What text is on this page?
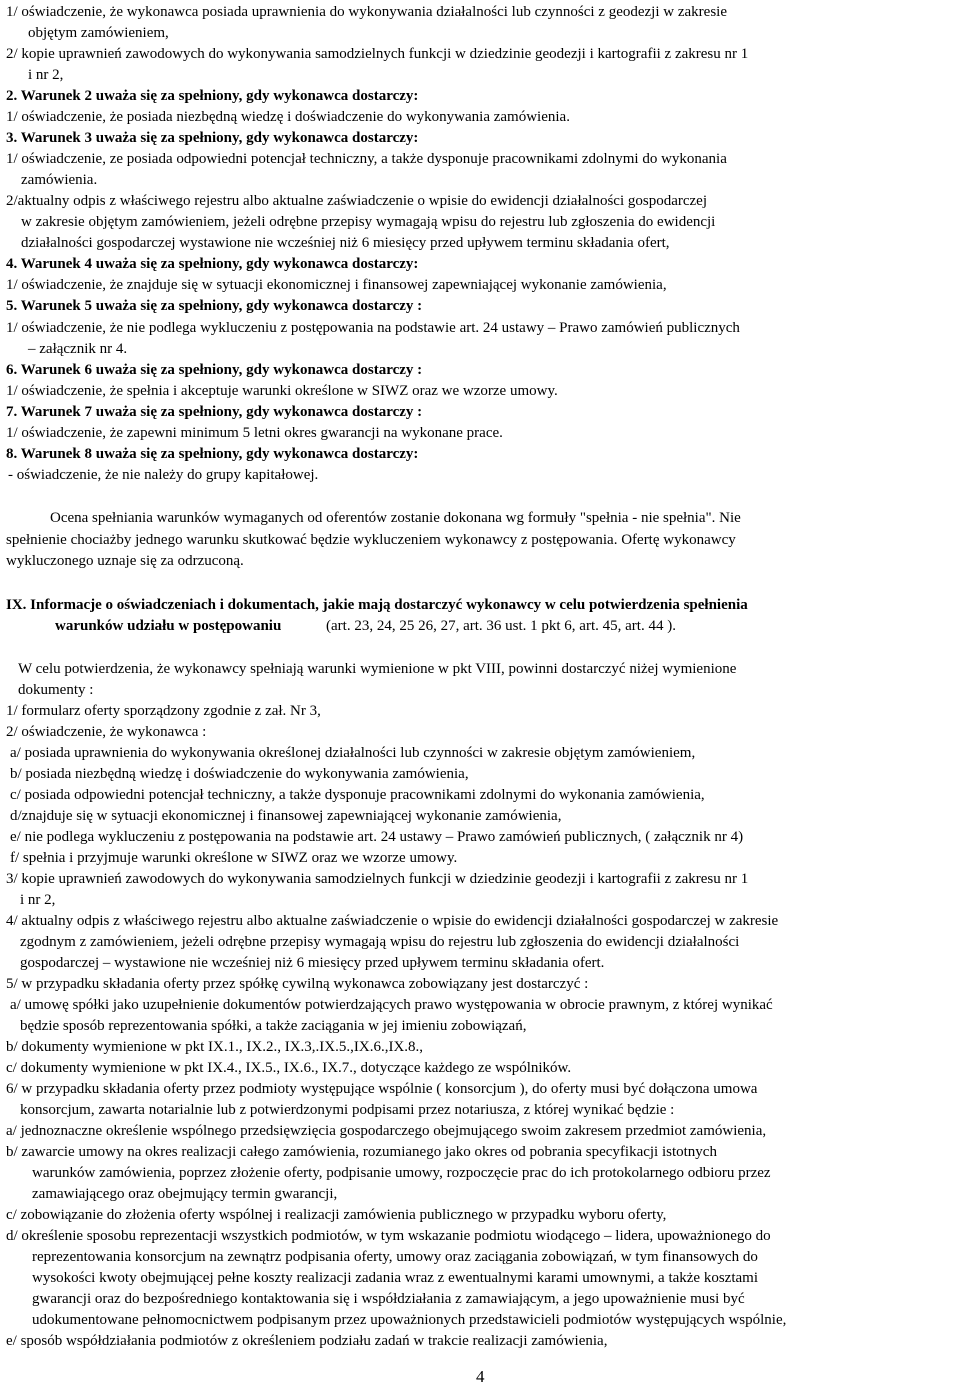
1/ oświadczenie, że wykonawca posiada uprawnienia do wykonywania działalności lub czynności z geodezji w zakresie
objętym zamówieniem,
2/ kopie uprawnień zawodowych do wykonywania samodzielnych funkcji w dziedzinie geodezji i kartografii z zakresu nr 1
i nr 2,
2. Warunek 2 uważa się za spełniony, gdy wykonawca dostarczy:
1/ oświadczenie, że posiada niezbędną wiedzę i doświadczenie do wykonywania zamówienia.
3. Warunek 3 uważa się za spełniony, gdy wykonawca dostarczy:
1/ oświadczenie, ze posiada odpowiedni potencjał techniczny, a także dysponuje pracownikami zdolnymi do wykonania
zamówienia.
2/aktualny odpis z właściwego rejestru albo aktualne zaświadczenie o wpisie do ewidencji działalności gospodarczej
w zakresie objętym zamówieniem, jeżeli odrębne przepisy wymagają wpisu do rejestru lub zgłoszenia do ewidencji
działalności gospodarczej wystawione nie wcześniej niż 6 miesięcy przed upływem terminu składania ofert,
4. Warunek 4 uważa się za spełniony, gdy wykonawca dostarczy:
1/ oświadczenie, że znajduje się w sytuacji ekonomicznej i finansowej zapewniającej wykonanie zamówienia,
5. Warunek 5 uważa się za spełniony, gdy wykonawca dostarczy :
1/ oświadczenie, że nie podlega wykluczeniu z postępowania na podstawie art. 24 ustawy – Prawo zamówień publicznych
– załącznik nr 4.
6. Warunek 6 uważa się za spełniony, gdy wykonawca dostarczy :
1/ oświadczenie, że spełnia i akceptuje warunki określone w SIWZ oraz we wzorze umowy.
7. Warunek 7 uważa się za spełniony, gdy wykonawca dostarczy :
1/ oświadczenie, że zapewni minimum 5 letni okres gwarancji na wykonane prace.
8. Warunek 8 uważa się za spełniony, gdy wykonawca dostarczy:
- oświadczenie, że nie należy do grupy kapitałowej.
Ocena spełniania warunków wymaganych od oferentów zostanie dokonana wg formuły "spełnia - nie spełnia". Nie
spełnienie chociażby jednego warunku skutkować będzie wykluczeniem wykonawcy z postępowania. Ofertę wykonawcy
wykluczonego uznaje się za odrzuconą.
IX. Informacje o oświadczeniach i dokumentach, jakie mają dostarczyć wykonawcy w celu potwierdzenia spełnienia
warunków udziału w postępowaniu	(art. 23, 24, 25 26, 27, art. 36 ust. 1 pkt 6, art. 45, art. 44 ).
W celu potwierdzenia, że wykonawcy spełniają warunki wymienione w pkt VIII, powinni dostarczyć niżej wymienione
dokumenty :
1/ formularz oferty sporządzony zgodnie z zał. Nr 3,
2/ oświadczenie, że wykonawca :
a/ posiada uprawnienia do wykonywania określonej działalności lub czynności w zakresie objętym zamówieniem,
b/ posiada niezbędną wiedzę i doświadczenie do wykonywania zamówienia,
c/ posiada odpowiedni potencjał techniczny, a także dysponuje pracownikami zdolnymi do wykonania zamówienia,
d/znajduje się w sytuacji ekonomicznej i finansowej zapewniającej wykonanie zamówienia,
e/ nie podlega wykluczeniu z postępowania na podstawie art. 24 ustawy – Prawo zamówień publicznych, ( załącznik nr 4)
f/ spełnia i przyjmuje warunki określone w SIWZ oraz we wzorze umowy.
3/ kopie uprawnień zawodowych do wykonywania samodzielnych funkcji w dziedzinie geodezji i kartografii z zakresu nr 1
i nr 2,
4/ aktualny odpis z właściwego rejestru albo aktualne zaświadczenie o wpisie do ewidencji działalności gospodarczej w zakresie
zgodnym z zamówieniem, jeżeli odrębne przepisy wymagają wpisu do rejestru lub zgłoszenia do ewidencji działalności
gospodarczej – wystawione nie wcześniej niż 6 miesięcy przed upływem terminu składania ofert.
5/ w przypadku składania oferty przez spółkę cywilną wykonawca zobowiązany jest dostarczyć :
a/ umowę spółki jako uzupełnienie dokumentów potwierdzających prawo występowania w obrocie prawnym, z której wynikać
będzie sposób reprezentowania spółki, a także zaciągania w jej imieniu zobowiązań,
b/ dokumenty wymienione w pkt IX.1., IX.2., IX.3,.IX.5.,IX.6.,IX.8.,
c/ dokumenty wymienione w pkt IX.4., IX.5., IX.6., IX.7., dotyczące każdego ze wspólników.
6/ w przypadku składania oferty przez podmioty występujące wspólnie ( konsorcjum ), do oferty musi być dołączona umowa
konsorcjum, zawarta notarialnie lub z potwierdzonymi podpisami przez notariusza, z której wynikać będzie :
a/ jednoznaczne określenie wspólnego przedsięwzięcia gospodarczego obejmującego swoim zakresem przedmiot zamówienia,
b/ zawarcie umowy na okres realizacji całego zamówienia, rozumianego jako okres od pobrania specyfikacji istotnych
warunków zamówienia, poprzez złożenie oferty, podpisanie umowy, rozpoczęcie prac do ich protokolarnego odbioru przez
zamawiającego oraz obejmujący termin gwarancji,
c/ zobowiązanie do złożenia oferty wspólnej i realizacji zamówienia publicznego w przypadku wyboru oferty,
d/ określenie sposobu reprezentacji wszystkich podmiotów, w tym wskazanie podmiotu wiodącego – lidera, upoważnionego do
reprezentowania konsorcjum na zewnątrz podpisania oferty, umowy oraz zaciągania zobowiązań, w tym finansowych do
wysokości kwoty obejmującej pełne koszty realizacji zadania wraz z ewentualnymi karami umownymi, a także kosztami
gwarancji oraz do bezpośredniego kontaktowania się i współdziałania z zamawiającym, a jego upoważnienie musi być
udokumentowane pełnomocnictwem podpisanym przez upoważnionych przedstawicieli podmiotów występujących wspólnie,
e/ sposób współdziałania podmiotów z określeniem podziału zadań w trakcie realizacji zamówienia,
4
